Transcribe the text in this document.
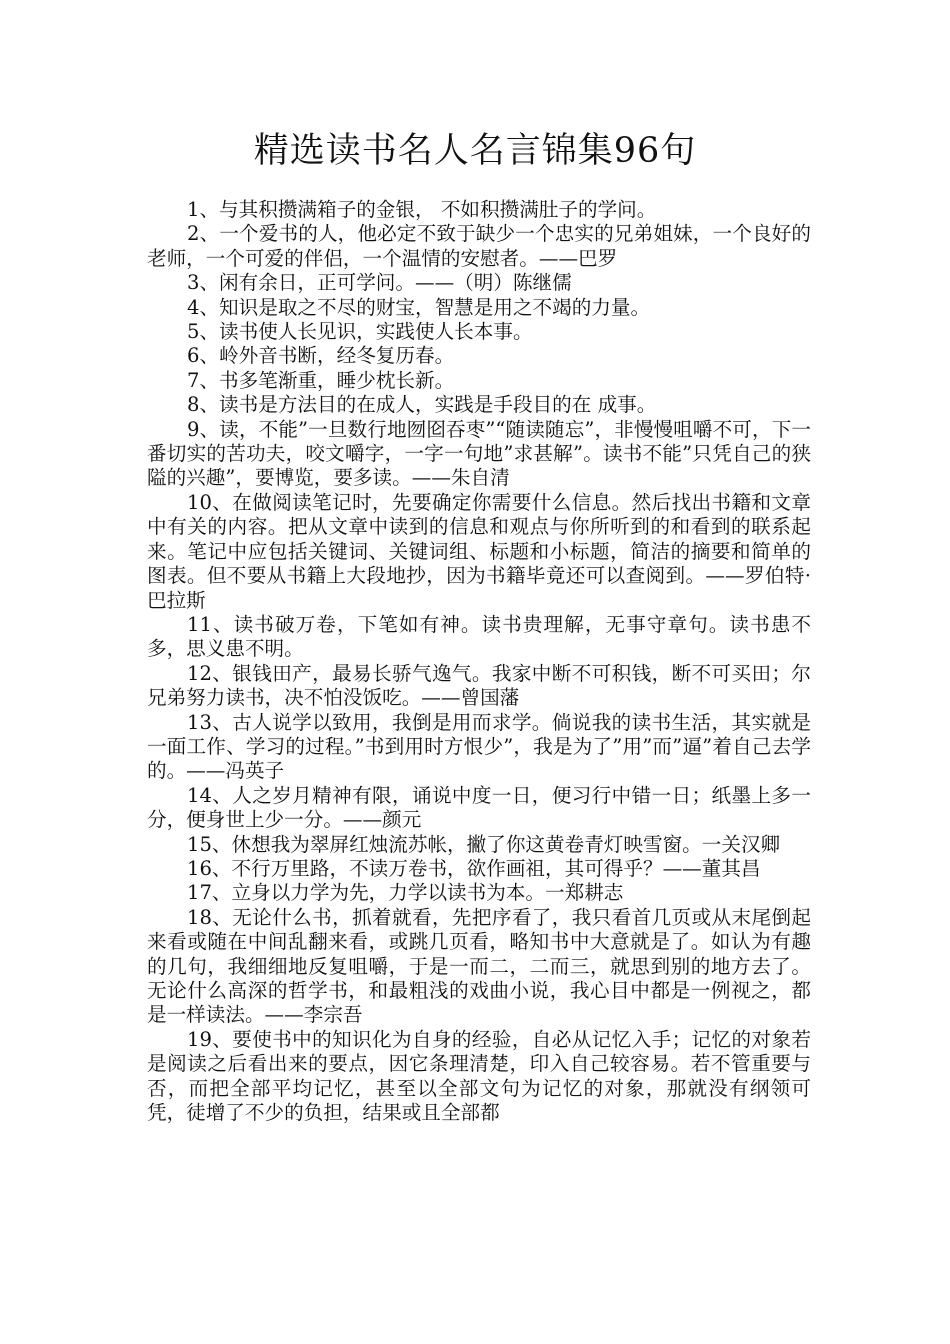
精选读书名人名言锦集96句

1、与其积攒满箱子的金银， 不如积攒满肚子的学问。

2、一个爱书的人，他必定不致于缺少一个忠实的兄弟姐妹，一个良好的老师，一个可爱的伴侣，一个温情的安慰者。——巴罗

3、闲有余日，正可学问。——（明）陈继儒

4、知识是取之不尽的财宝，智慧是用之不竭的力量。

5、读书使人长见识，实践使人长本事。

6、岭外音书断，经冬复历春。

7、书多笔渐重，睡少枕长新。

8、读书是方法目的在成人，实践是手段目的在 成事。

9、读，不能”一旦数行地囫囵吞枣”“随读随忘”，非慢慢咀嚼不可，下一番切实的苦功夫，咬文嚼字，一字一句地”求甚解”。读书不能”只凭自己的狭隘的兴趣”，要博览，要多读。——朱自清

10、在做阅读笔记时，先要确定你需要什么信息。然后找出书籍和文章中有关的内容。把从文章中读到的信息和观点与你所听到的和看到的联系起来。笔记中应包括关键词、关键词组、标题和小标题，简洁的摘要和简单的图表。但不要从书籍上大段地抄，因为书籍毕竟还可以查阅到。——罗伯特·巴拉斯

11、读书破万卷，下笔如有神。读书贵理解，无事守章句。读书患不多，思义患不明。

12、银钱田产，最易长骄气逸气。我家中断不可积钱，断不可买田；尔兄弟努力读书，决不怕没饭吃。——曾国藩

13、古人说学以致用，我倒是用而求学。倘说我的读书生活，其实就是一面工作、学习的过程。”书到用时方恨少”，我是为了”用”而”逼”着自己去学的。——冯英子

14、人之岁月精神有限，诵说中度一日，便习行中错一日；纸墨上多一分，便身世上少一分。——颜元

15、休想我为翠屏红烛流苏帐，撇了你这黄卷青灯映雪窗。一关汉卿

16、不行万里路，不读万卷书，欲作画祖，其可得乎？——董其昌

17、立身以力学为先，力学以读书为本。一郑耕志

18、无论什么书，抓着就看，先把序看了，我只看首几页或从末尾倒起来看或随在中间乱翻来看，或跳几页看，略知书中大意就是了。如认为有趣的几句，我细细地反复咀嚼，于是一而二，二而三，就思到别的地方去了。无论什么高深的哲学书，和最粗浅的戏曲小说，我心目中都是一例视之，都是一样读法。——李宗吾

19、要使书中的知识化为自身的经验，自必从记忆入手；记忆的对象若是阅读之后看出来的要点，因它条理清楚，印入自己较容易。若不管重要与否，而把全部平均记忆，甚至以全部文句为记忆的对象，那就没有纲领可凭，徒增了不少的负担，结果或且全部都
